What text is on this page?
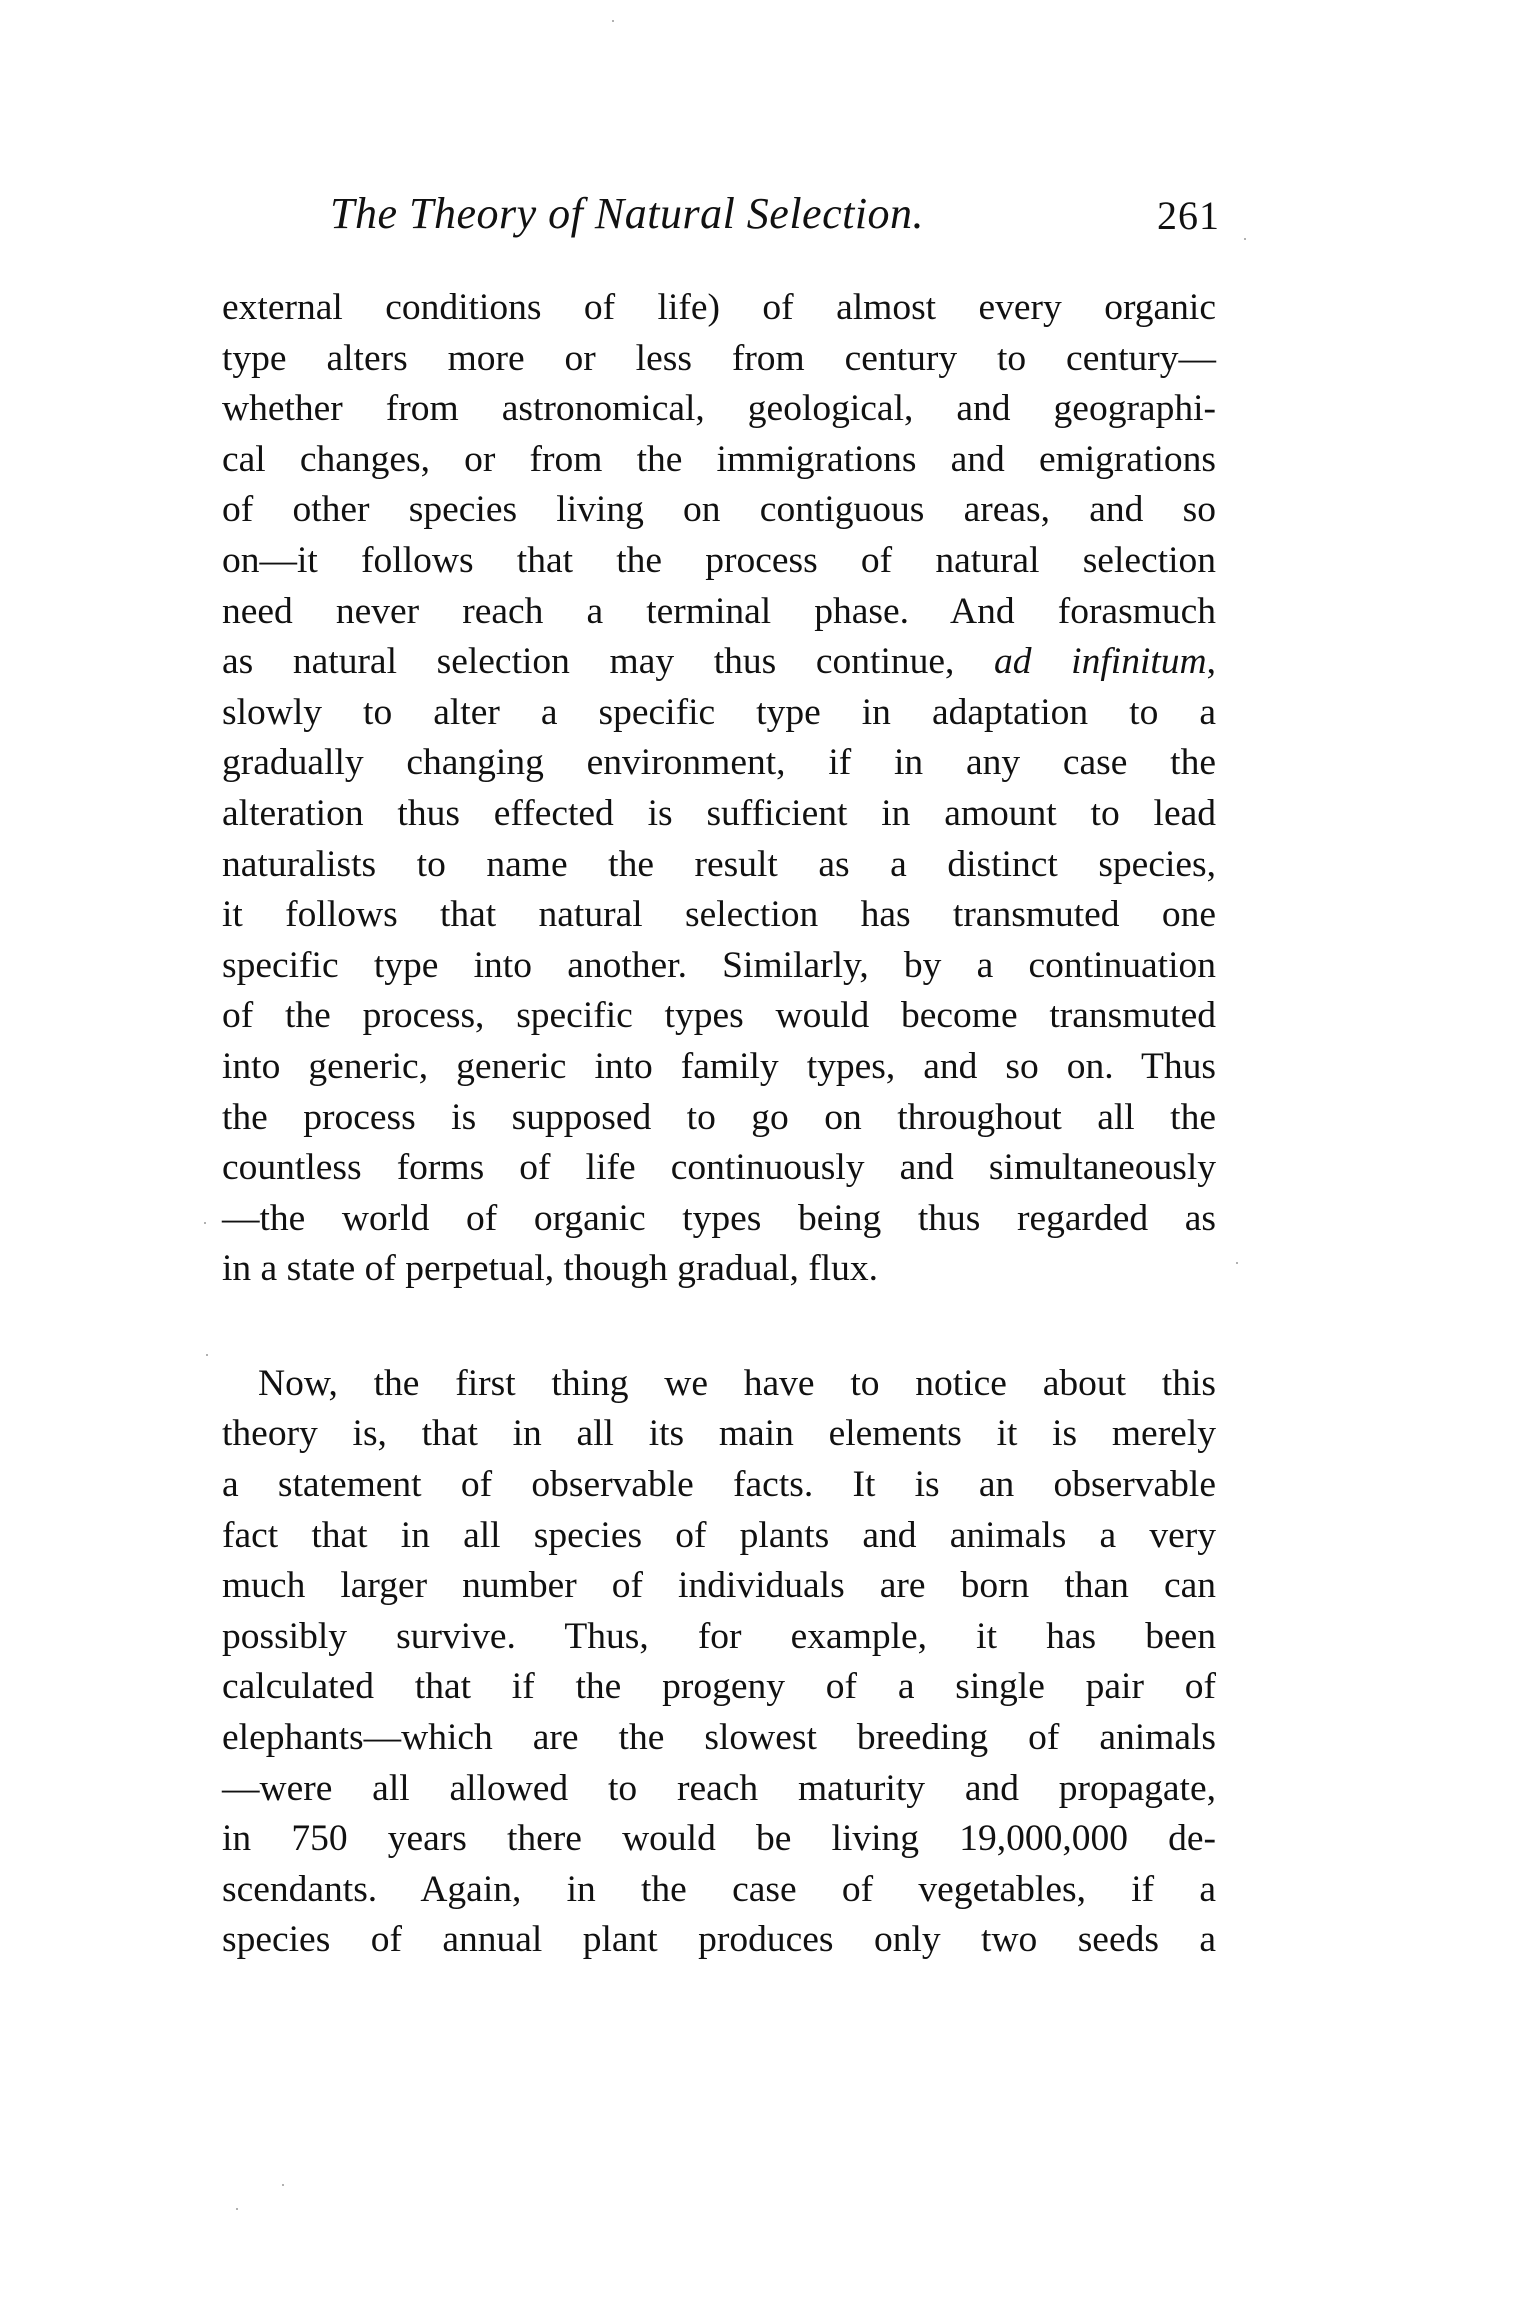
The Theory of Natural Selection.	261
external conditions of life) of almost every organic
type alters more or less from century to century—
whether from astronomical, geological, and geographi-
cal changes, or from the immigrations and emigrations
of other species living on contiguous areas, and so
on—it follows that the process of natural selection
need never reach a terminal phase. And forasmuch
as natural selection may thus continue, ad infinitum,
slowly to alter a specific type in adaptation to a
gradually changing environment, if in any case the
alteration thus effected is sufficient in amount to lead
naturalists to name the result as a distinct species,
it follows that natural selection has transmuted one
specific type into another. Similarly, by a continuation
of the process, specific types would become transmuted
into generic, generic into family types, and so on. Thus
the process is supposed to go on throughout all the
countless forms of life continuously and simultaneously
—the world of organic types being thus regarded as
in a state of perpetual, though gradual, flux.
Now, the first thing we have to notice about this
theory is, that in all its main elements it is merely
a statement of observable facts. It is an observable
fact that in all species of plants and animals a very
much larger number of individuals are born than can
possibly survive. Thus, for example, it has been
calculated that if the progeny of a single pair of
elephants—which are the slowest breeding of animals
—were all allowed to reach maturity and propagate,
in 750 years there would be living 19,000,000 de-
scendants. Again, in the case of vegetables, if a
species of annual plant produces only two seeds a
